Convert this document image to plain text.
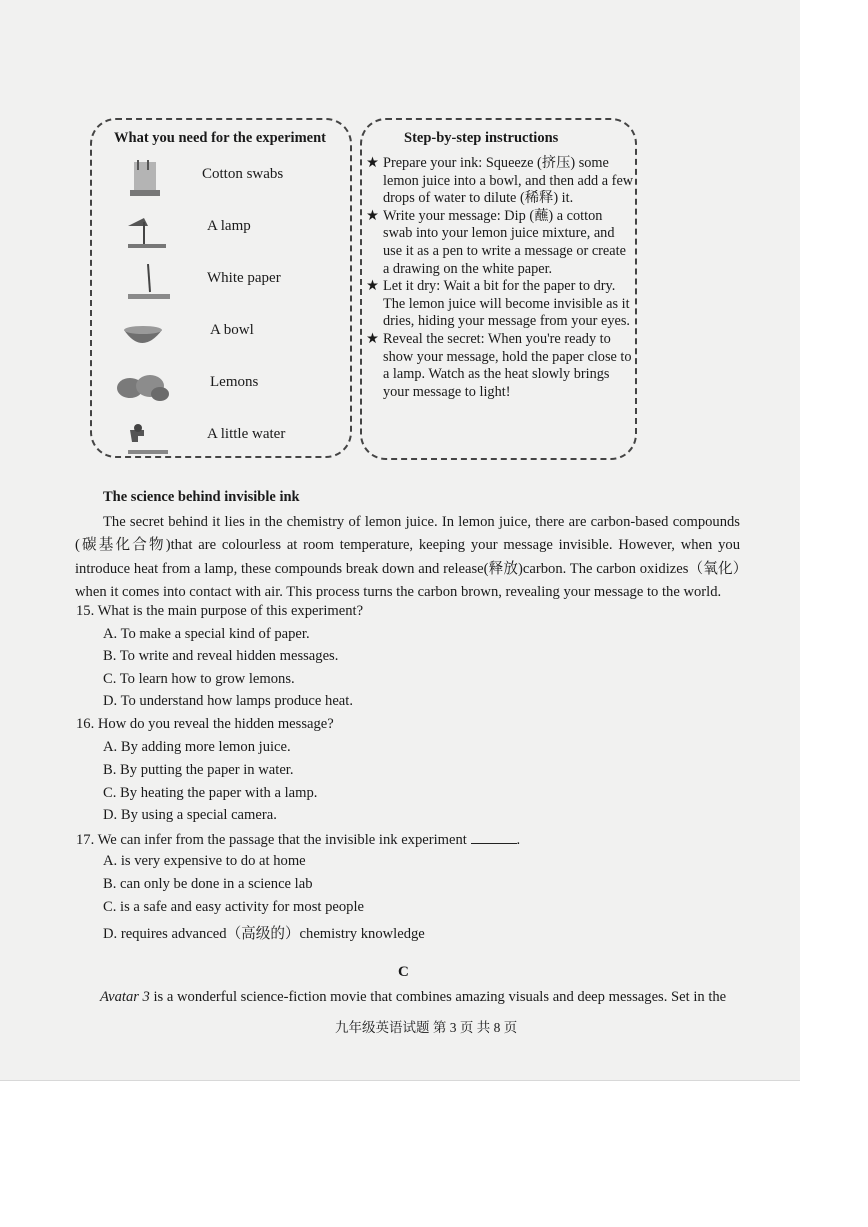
What you need for the experiment
Cotton swabs
A lamp
White paper
A bowl
Lemons
A little water
Step-by-step instructions
★ Prepare your ink: Squeeze (挤压) some lemon juice into a bowl, and then add a few drops of water to dilute (稀释) it.
★ Write your message: Dip (蘸) a cotton swab into your lemon juice mixture, and use it as a pen to write a message or create a drawing on the white paper.
★ Let it dry: Wait a bit for the paper to dry. The lemon juice will become invisible as it dries, hiding your message from your eyes.
★ Reveal the secret: When you're ready to show your message, hold the paper close to a lamp. Watch as the heat slowly brings your message to light!
The science behind invisible ink
The secret behind it lies in the chemistry of lemon juice. In lemon juice, there are carbon-based compounds (碳基化合物)that are colourless at room temperature, keeping your message invisible. However, when you introduce heat from a lamp, these compounds break down and release(释放)carbon. The carbon oxidizes（氧化）when it comes into contact with air. This process turns the carbon brown, revealing your message to the world.
15. What is the main purpose of this experiment?
A. To make a special kind of paper.
B. To write and reveal hidden messages.
C. To learn how to grow lemons.
D. To understand how lamps produce heat.
16. How do you reveal the hidden message?
A. By adding more lemon juice.
B. By putting the paper in water.
C. By heating the paper with a lamp.
D. By using a special camera.
17. We can infer from the passage that the invisible ink experiment	.
A. is very expensive to do at home
B. can only be done in a science lab
C. is a safe and easy activity for most people
D. requires advanced（高级的）chemistry knowledge
C
Avatar 3 is a wonderful science-fiction movie that combines amazing visuals and deep messages. Set in the
九年级英语试题 第 3 页 共 8 页
